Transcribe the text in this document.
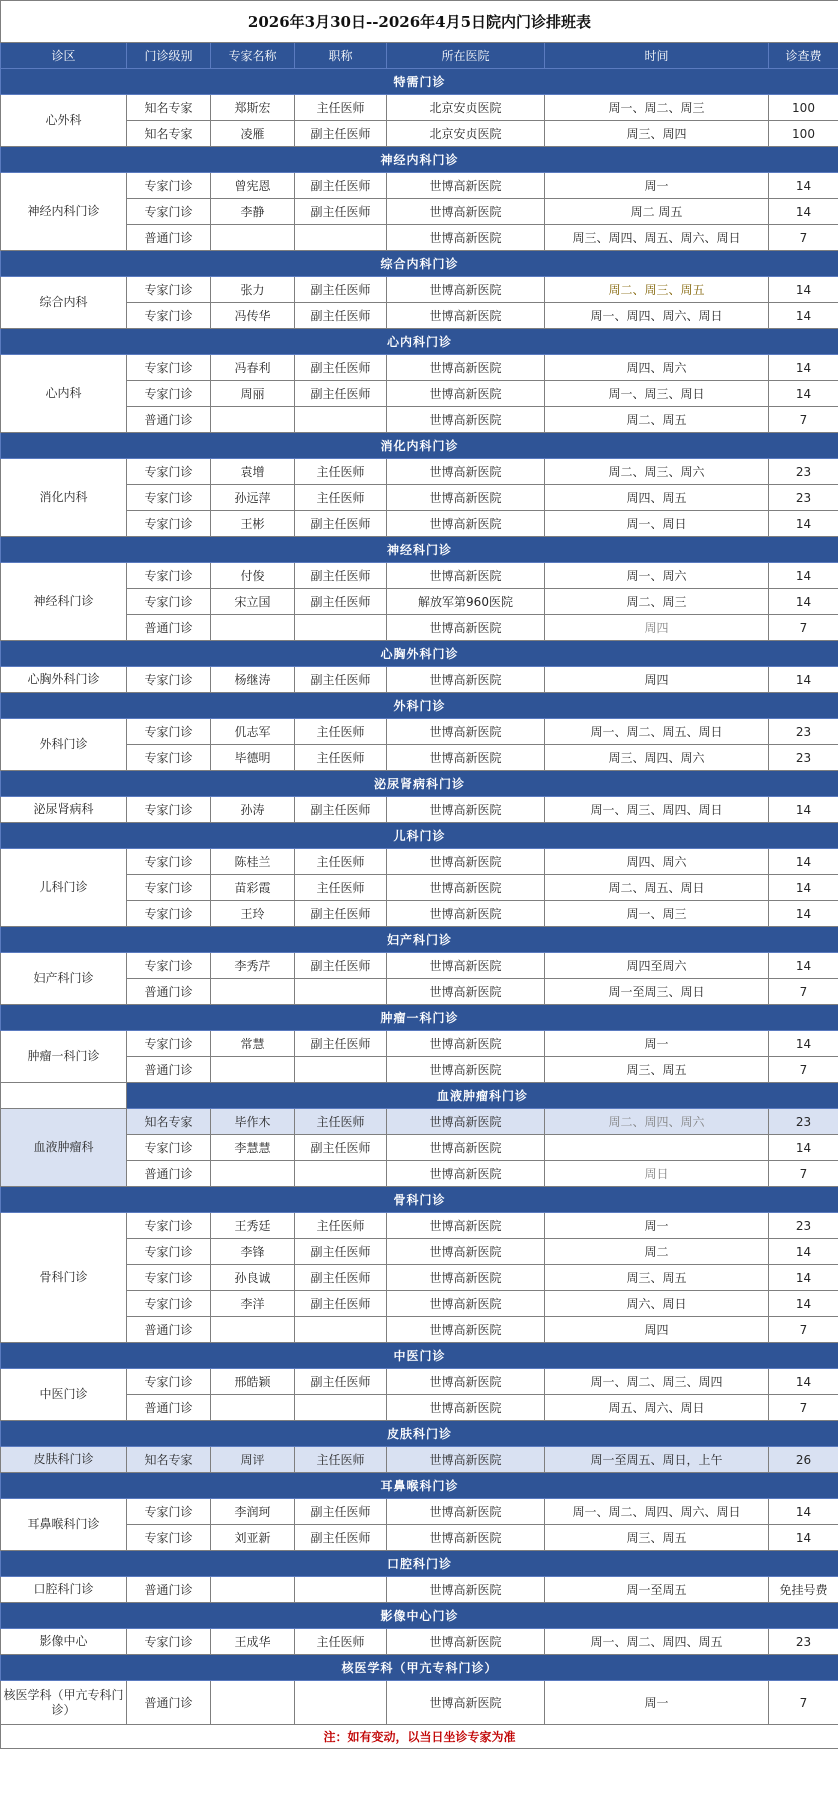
2026年3月30日--2026年4月5日院内门诊排班表						
诊区	门诊级别	专家名称	职称	所在医院	时间	诊查费
特需门诊						
心外科	知名专家	郑斯宏	主任医师	北京安贞医院	周一、周二、周三	100
	知名专家	凌雁	副主任医师	北京安贞医院	周三、周四	100
神经内科门诊						
神经内科门诊	专家门诊	曾宪恩	副主任医师	世博高新医院	周一	14
	专家门诊	李静	副主任医师	世博高新医院	周二 周五	14
	普通门诊			世博高新医院	周三、周四、周五、周六、周日	7
综合内科门诊						
综合内科	专家门诊	张力	副主任医师	世博高新医院	周二、周三、周五	14
	专家门诊	冯传华	副主任医师	世博高新医院	周一、周四、周六、周日	14
心内科门诊						
心内科	专家门诊	冯春利	副主任医师	世博高新医院	周四、周六	14
	专家门诊	周丽	副主任医师	世博高新医院	周一、周三、周日	14
	普通门诊			世博高新医院	周二、周五	7
消化内科门诊						
消化内科	专家门诊	袁增	主任医师	世博高新医院	周二、周三、周六	23
	专家门诊	孙远萍	主任医师	世博高新医院	周四、周五	23
	专家门诊	王彬	副主任医师	世博高新医院	周一、周日	14
神经科门诊						
神经科门诊	专家门诊	付俊	副主任医师	世博高新医院	周一、周六	14
	专家门诊	宋立国	副主任医师	解放军第960医院	周二、周三	14
	普通门诊			世博高新医院	周四	7
心胸外科门诊						
心胸外科门诊	专家门诊	杨继涛	副主任医师	世博高新医院	周四	14
外科门诊						
外科门诊	专家门诊	仉志军	主任医师	世博高新医院	周一、周二、周五、周日	23
	专家门诊	毕德明	主任医师	世博高新医院	周三、周四、周六	23
泌尿肾病科门诊						
泌尿肾病科	专家门诊	孙涛	副主任医师	世博高新医院	周一、周三、周四、周日	14
儿科门诊						
儿科门诊	专家门诊	陈桂兰	主任医师	世博高新医院	周四、周六	14
	专家门诊	苗彩霞	主任医师	世博高新医院	周二、周五、周日	14
	专家门诊	王玲	副主任医师	世博高新医院	周一、周三	14
妇产科门诊						
妇产科门诊	专家门诊	李秀芹	副主任医师	世博高新医院	周四至周六	14
	普通门诊			世博高新医院	周一至周三、周日	7
肿瘤一科门诊						
肿瘤一科门诊	专家门诊	常慧	副主任医师	世博高新医院	周一	14
	普通门诊			世博高新医院	周三、周五	7
	血液肿瘤科门诊					
血液肿瘤科	知名专家	毕作木	主任医师	世博高新医院	周二、周四、周六	23
	专家门诊	李慧慧	副主任医师	世博高新医院		14
	普通门诊			世博高新医院	周日	7
骨科门诊						
骨科门诊	专家门诊	王秀廷	主任医师	世博高新医院	周一	23
	专家门诊	李锋	副主任医师	世博高新医院	周二	14
	专家门诊	孙良诚	副主任医师	世博高新医院	周三、周五	14
	专家门诊	李洋	副主任医师	世博高新医院	周六、周日	14
	普通门诊			世博高新医院	周四	7
中医门诊						
中医门诊	专家门诊	邢皓颖	副主任医师	世博高新医院	周一、周二、周三、周四	14
	普通门诊			世博高新医院	周五、周六、周日	7
皮肤科门诊						
皮肤科门诊	知名专家	周评	主任医师	世博高新医院	周一至周五、周日，上午	26
耳鼻喉科门诊						
耳鼻喉科门诊	专家门诊	李润珂	副主任医师	世博高新医院	周一、周二、周四、周六、周日	14
	专家门诊	刘亚新	副主任医师	世博高新医院	周三、周五	14
口腔科门诊						
口腔科门诊	普通门诊			世博高新医院	周一至周五	免挂号费
影像中心门诊						
影像中心	专家门诊	王成华	主任医师	世博高新医院	周一、周二、周四、周五	23
核医学科（甲亢专科门诊）						
核医学科（甲亢专科门诊）	普通门诊			世博高新医院	周一	7
注：如有变动，以当日坐诊专家为准						
